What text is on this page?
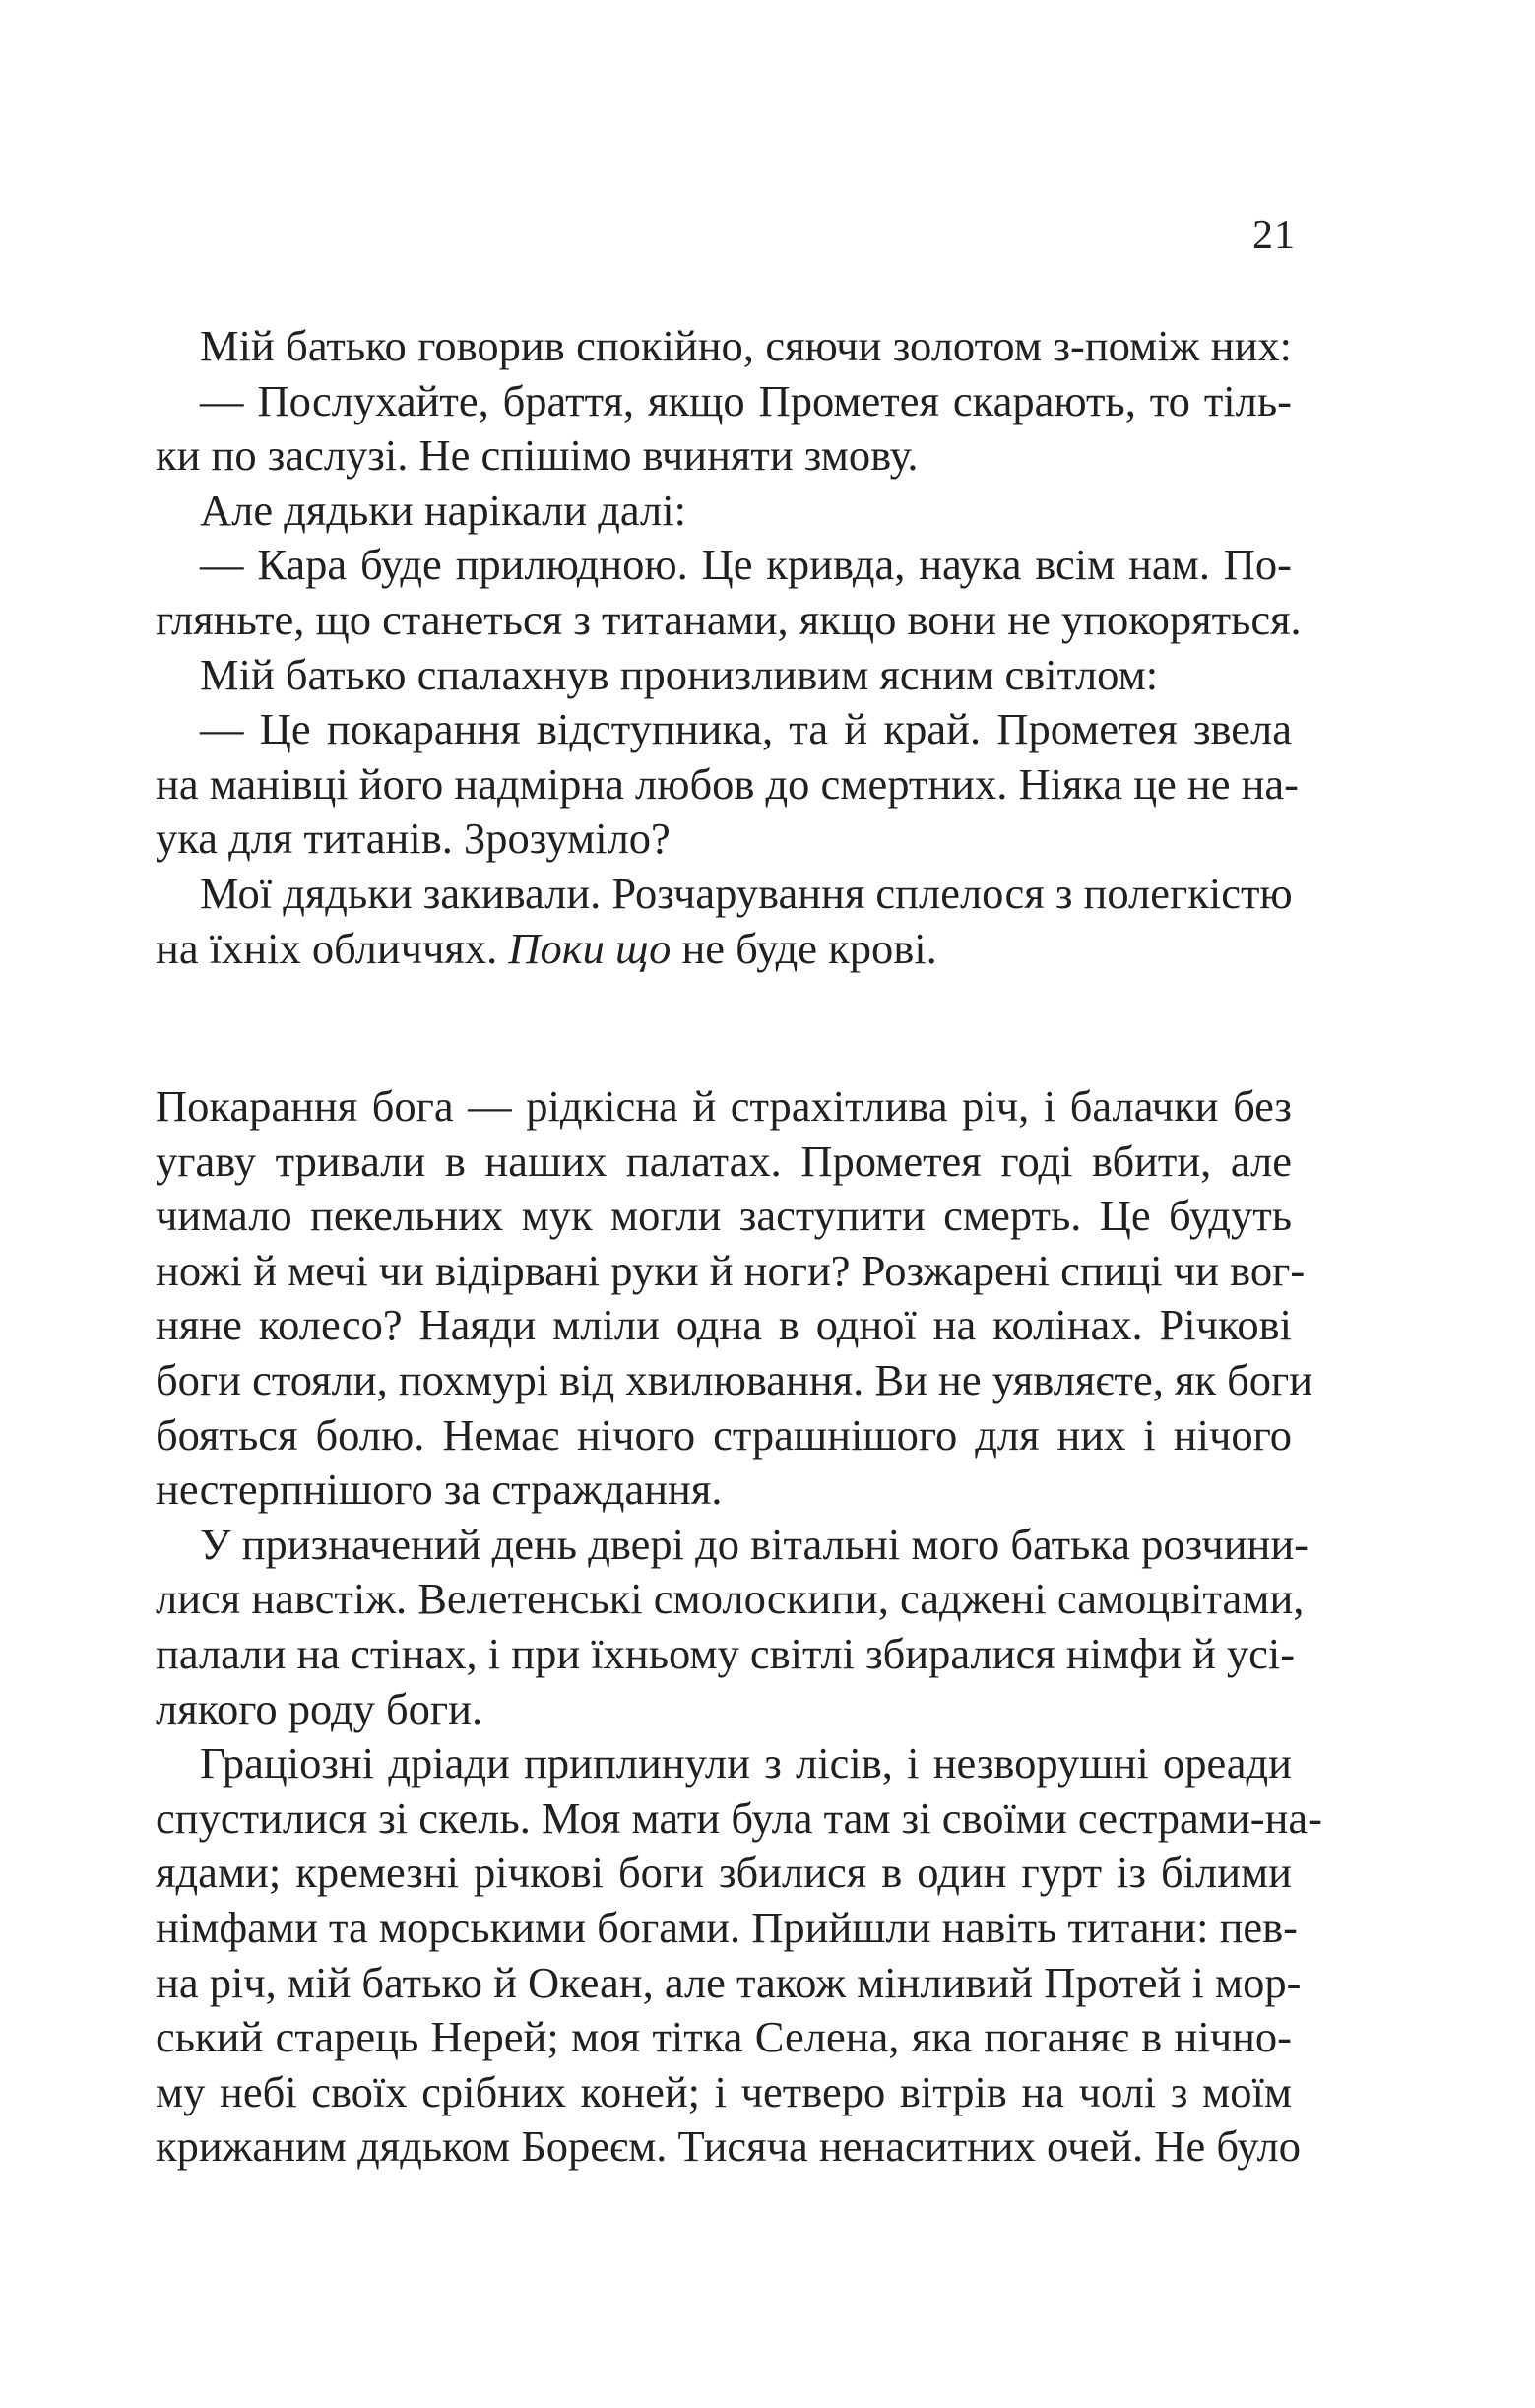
21
Мій батько говорив спокійно, сяючи золотом з-поміж них:
— Послухайте, браття, якщо Прометея скарають, то тіль-
ки по заслузі. Не спішімо вчиняти змову.
Але дядьки нарікали далі:
— Кара буде прилюдною. Це кривда, наука всім нам. По-
гляньте, що станеться з титанами, якщо вони не упокоряться.
Мій батько спалахнув пронизливим ясним світлом:
— Це покарання відступника, та й край. Прометея звела
на манівці його надмірна любов до смертних. Ніяка це не на-
ука для титанів. Зрозуміло?
Мої дядьки закивали. Розчарування сплелося з полегкістю
на їхніх обличчях. Поки що не буде крові.
Покарання бога — рідкісна й страхітлива річ, і балачки без
угаву тривали в наших палатах. Прометея годі вбити, але
чимало пекельних мук могли заступити смерть. Це будуть
ножі й мечі чи відірвані руки й ноги? Розжарені спиці чи вог-
няне колесо? Наяди мліли одна в одної на колінах. Річкові
боги стояли, похмурі від хвилювання. Ви не уявляєте, як боги
бояться болю. Немає нічого страшнішого для них і нічого
нестерпнішого за страждання.
У призначений день двері до вітальні мого батька розчини-
лися навстіж. Велетенські смолоскипи, саджені самоцвітами,
палали на стінах, і при їхньому світлі збиралися німфи й усі-
лякого роду боги.
Граціозні дріади приплинули з лісів, і незворушні ореади
спустилися зі скель. Моя мати була там зі своїми сестрами-на-
ядами; кремезні річкові боги збилися в один гурт із білими
німфами та морськими богами. Прийшли навіть титани: пев-
на річ, мій батько й Океан, але також мінливий Протей і мор-
ський старець Нерей; моя тітка Селена, яка поганяє в нічно-
му небі своїх срібних коней; і четверо вітрів на чолі з моїм
крижаним дядьком Бореєм. Тисяча ненаситних очей. Не було
